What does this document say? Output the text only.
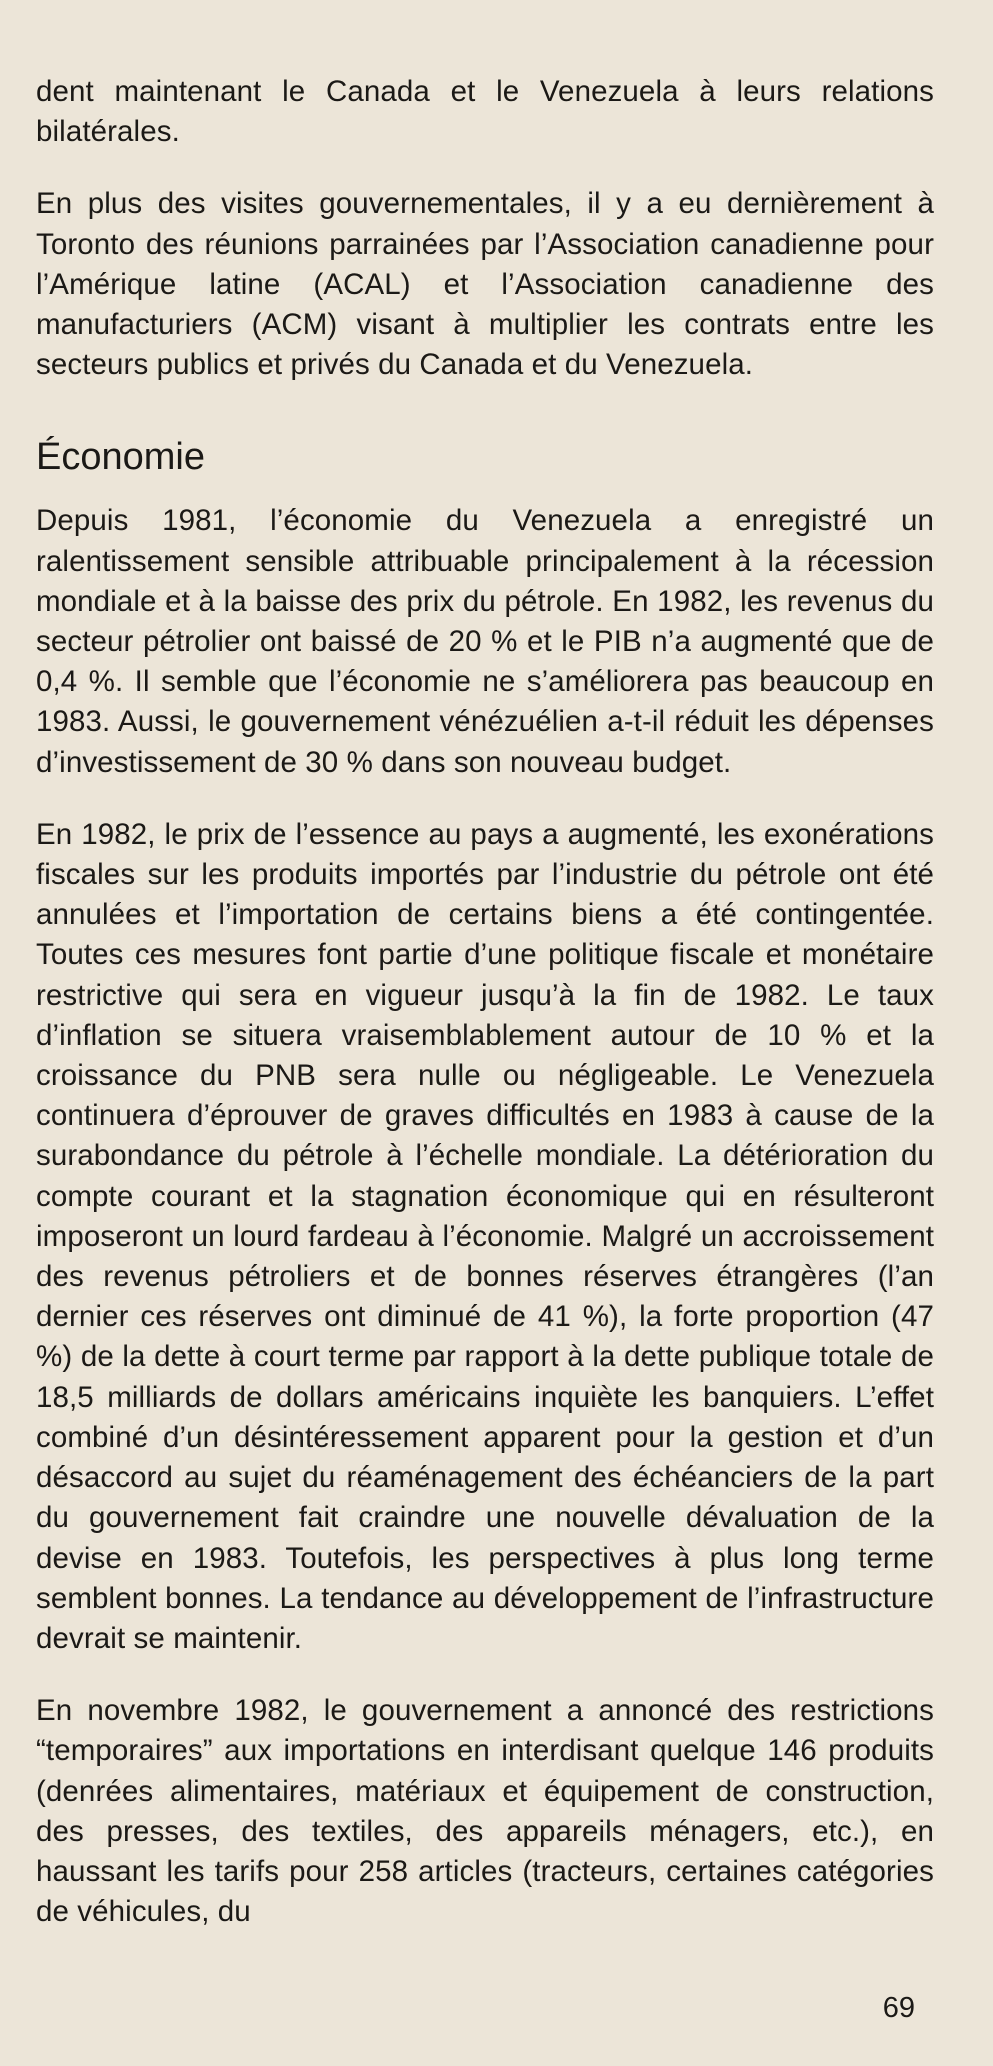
dent maintenant le Canada et le Venezuela à leurs relations bilatérales.

En plus des visites gouvernementales, il y a eu dernièrement à Toronto des réunions parrainées par l’Association canadienne pour l’Amérique latine (ACAL) et l’Association canadienne des manufacturiers (ACM) visant à multiplier les contrats entre les secteurs publics et privés du Canada et du Venezuela.

Économie

Depuis 1981, l’économie du Venezuela a enregistré un ralentissement sensible attribuable principalement à la récession mondiale et à la baisse des prix du pétrole. En 1982, les revenus du secteur pétrolier ont baissé de 20 % et le PIB n’a augmenté que de 0,4 %. Il semble que l’économie ne s’améliorera pas beaucoup en 1983. Aussi, le gouvernement vénézuélien a-t-il réduit les dépenses d’investissement de 30 % dans son nouveau budget.

En 1982, le prix de l’essence au pays a augmenté, les exonérations fiscales sur les produits importés par l’industrie du pétrole ont été annulées et l’importation de certains biens a été contingentée. Toutes ces mesures font partie d’une politique fiscale et monétaire restrictive qui sera en vigueur jusqu’à la fin de 1982. Le taux d’inflation se situera vraisemblablement autour de 10 % et la croissance du PNB sera nulle ou négligeable. Le Venezuela continuera d’éprouver de graves difficultés en 1983 à cause de la surabondance du pétrole à l’échelle mondiale. La détérioration du compte courant et la stagnation économique qui en résulteront imposeront un lourd fardeau à l’économie. Malgré un accroissement des revenus pétroliers et de bonnes réserves étrangères (l’an dernier ces réserves ont diminué de 41 %), la forte proportion (47 %) de la dette à court terme par rapport à la dette publique totale de 18,5 milliards de dollars américains inquiète les banquiers. L’effet combiné d’un désintéressement apparent pour la gestion et d’un désaccord au sujet du réaménagement des échéanciers de la part du gouvernement fait craindre une nouvelle dévaluation de la devise en 1983. Toutefois, les perspectives à plus long terme semblent bonnes. La tendance au développement de l’infrastructure devrait se maintenir.

En novembre 1982, le gouvernement a annoncé des restrictions “temporaires” aux importations en interdisant quelque 146 produits (denrées alimentaires, matériaux et équipement de construction, des presses, des textiles, des appareils ménagers, etc.), en haussant les tarifs pour 258 articles (tracteurs, certaines catégories de véhicules, du

69
